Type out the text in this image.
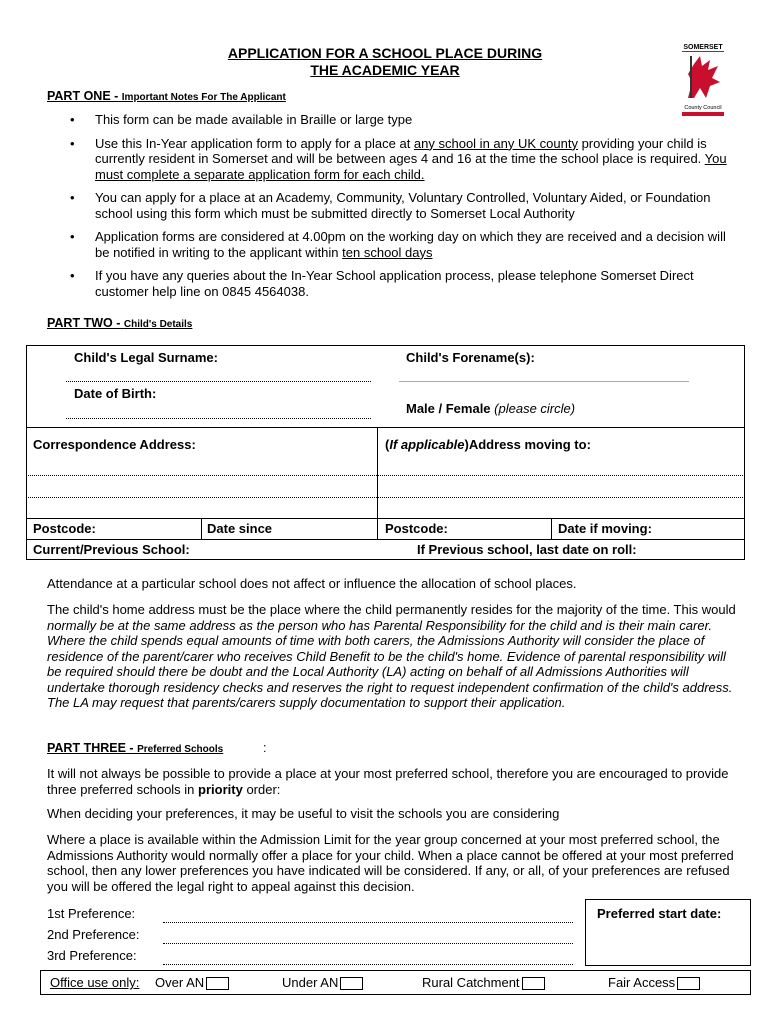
APPLICATION FOR A SCHOOL PLACE DURING
THE ACADEMIC YEAR
SOMERSET
County Council
PART ONE - Important Notes For The Applicant
• This form can be made available in Braille or large type
• Use this In-Year application form to apply for a place at any school in any UK county providing your child is currently resident in Somerset and will be between ages 4 and 16 at the time the school place is required. You must complete a separate application form for each child.
• You can apply for a place at an Academy, Community, Voluntary Controlled, Voluntary Aided, or Foundation school using this form which must be submitted directly to Somerset Local Authority
• Application forms are considered at 4.00pm on the working day on which they are received and a decision will be notified in writing to the applicant within ten school days
• If you have any queries about the In-Year School application process, please telephone Somerset Direct customer help line on 0845 4564038.
PART TWO - Child's Details
Child's Legal Surname:	Child's Forename(s):
Date of Birth:
Male / Female (please circle)
Correspondence Address:	(If applicable)Address moving to:
Postcode:	Date since	Postcode:	Date if moving:
Current/Previous School:	If Previous school, last date on roll:
Attendance at a particular school does not affect or influence the allocation of school places.
The child's home address must be the place where the child permanently resides for the majority of the time. This would normally be at the same address as the person who has Parental Responsibility for the child and is their main carer. Where the child spends equal amounts of time with both carers, the Admissions Authority will consider the place of residence of the parent/carer who receives Child Benefit to be the child's home. Evidence of parental responsibility will be required should there be doubt and the Local Authority (LA) acting on behalf of all Admissions Authorities will undertake thorough residency checks and reserves the right to request independent confirmation of the child's address. The LA may request that parents/carers supply documentation to support their application.
PART THREE - Preferred Schools	:
It will not always be possible to provide a place at your most preferred school, therefore you are encouraged to provide three preferred schools in priority order:
When deciding your preferences, it may be useful to visit the schools you are considering
Where a place is available within the Admission Limit for the year group concerned at your most preferred school, the Admissions Authority would normally offer a place for your child. When a place cannot be offered at your most preferred school, then any lower preferences you have indicated will be considered. If any, or all, of your preferences are refused you will be offered the legal right to appeal against this decision.
1st Preference:
2nd Preference:
3rd Preference:
Preferred start date:
Office use only: Over AN	Under AN	Rural Catchment	Fair Access
